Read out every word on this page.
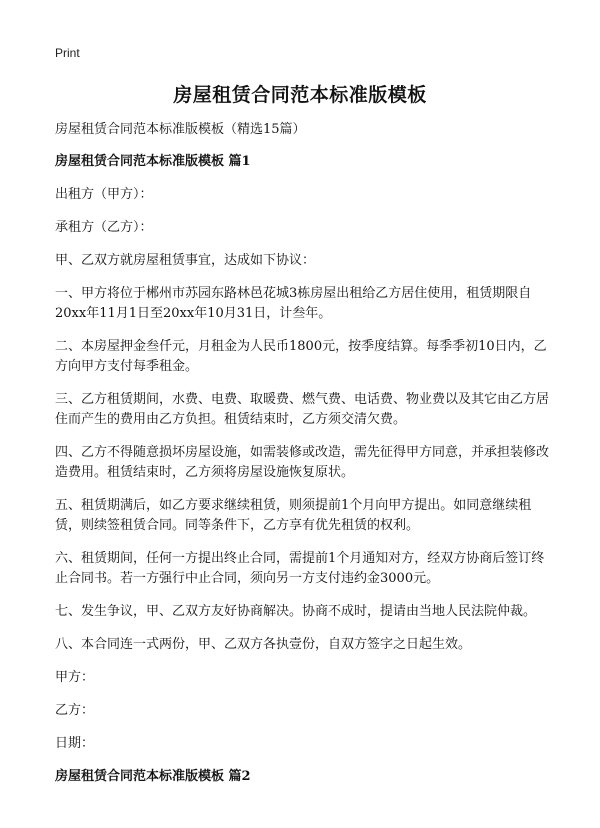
Print
房屋租赁合同范本标准版模板

房屋租赁合同范本标准版模板（精选15篇）

房屋租赁合同范本标准版模板 篇1

出租方（甲方）：

承租方（乙方）：

甲、乙双方就房屋租赁事宜，达成如下协议：

一、甲方将位于郴州市苏园东路林邑花城3栋房屋出租给乙方居住使用，租赁期限自20xx年11月1日至20xx年10月31日，计叁年。

二、本房屋押金叁仟元，月租金为人民币1800元，按季度结算。每季季初10日内，乙方向甲方支付每季租金。

三、乙方租赁期间，水费、电费、取暖费、燃气费、电话费、物业费以及其它由乙方居住而产生的费用由乙方负担。租赁结束时，乙方须交清欠费。

四、乙方不得随意损坏房屋设施，如需装修或改造，需先征得甲方同意，并承担装修改造费用。租赁结束时，乙方须将房屋设施恢复原状。

五、租赁期满后，如乙方要求继续租赁，则须提前1个月向甲方提出。如同意继续租赁，则续签租赁合同。同等条件下，乙方享有优先租赁的权利。

六、租赁期间，任何一方提出终止合同，需提前1个月通知对方，经双方协商后签订终止合同书。若一方强行中止合同，须向另一方支付违约金3000元。

七、发生争议，甲、乙双方友好协商解决。协商不成时，提请由当地人民法院仲裁。

八、本合同连一式两份，甲、乙双方各执壹份，自双方签字之日起生效。

甲方：

乙方：

日期：

房屋租赁合同范本标准版模板 篇2
